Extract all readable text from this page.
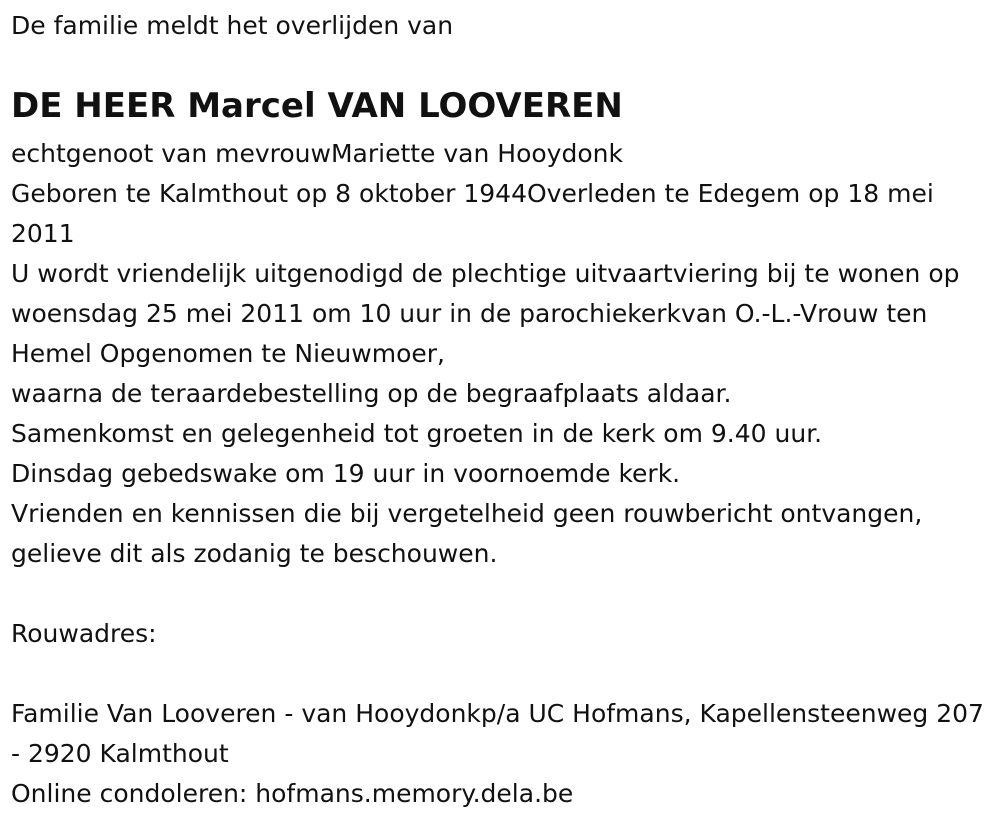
De familie meldt het overlijden van

DE HEER Marcel VAN LOOVEREN

echtgenoot van mevrouwMariette van Hooydonk

Geboren te Kalmthout op 8 oktober 1944Overleden te Edegem op 18 mei 2011

U wordt vriendelijk uitgenodigd de plechtige uitvaartviering bij te wonen op woensdag 25 mei 2011 om 10 uur in de parochiekerkvan O.-L.-Vrouw ten Hemel Opgenomen te Nieuwmoer,

waarna de teraardebestelling op de begraafplaats aldaar.

Samenkomst en gelegenheid tot groeten in de kerk om 9.40 uur.

Dinsdag gebedswake om 19 uur in voornoemde kerk.

Vrienden en kennissen die bij vergetelheid geen rouwbericht ontvangen, gelieve dit als zodanig te beschouwen.

Rouwadres:

Familie Van Looveren - van Hooydonkp/a UC Hofmans, Kapellensteenweg 207 - 2920 Kalmthout

Online condoleren: hofmans.memory.dela.be
